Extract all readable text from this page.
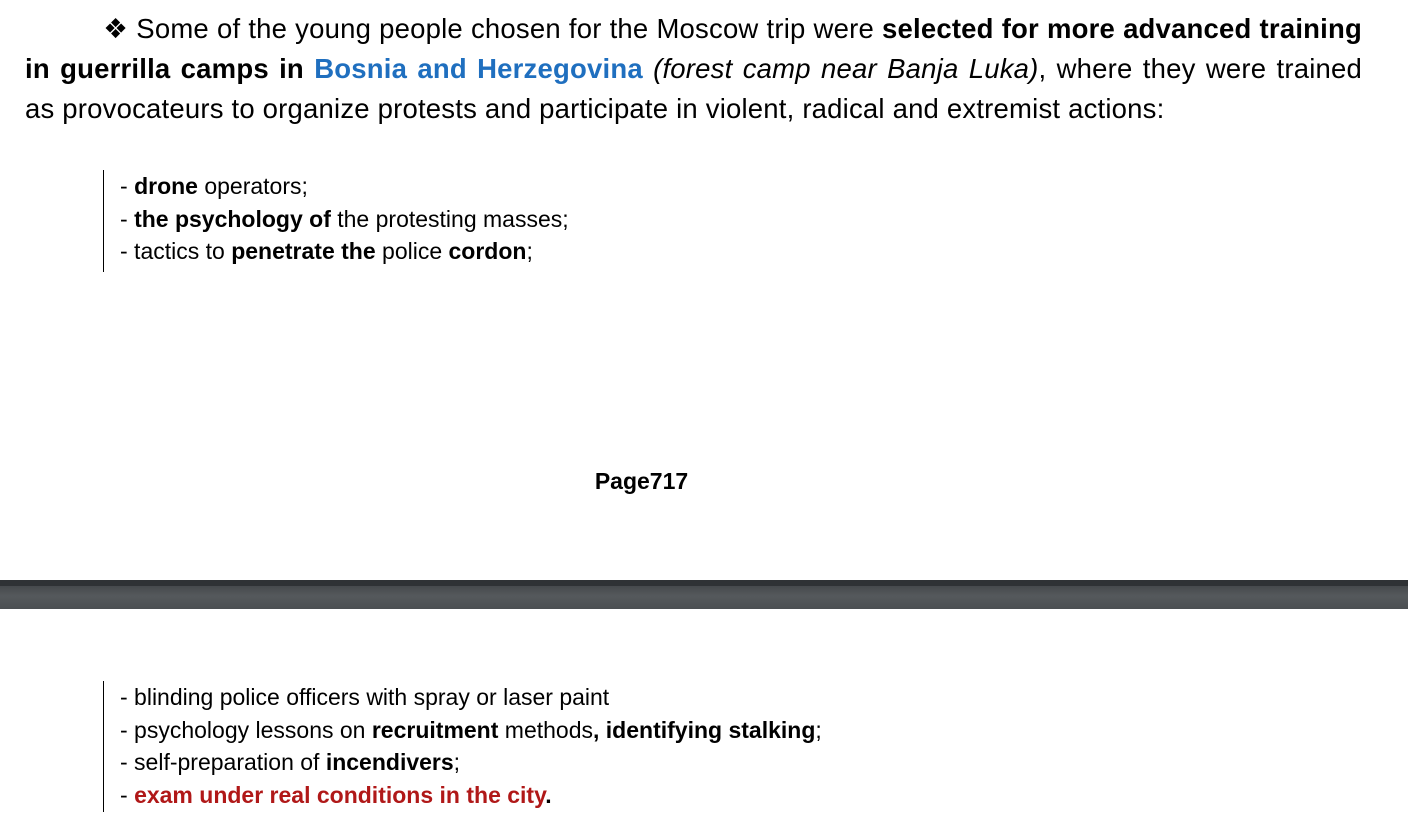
❖ Some of the young people chosen for the Moscow trip were selected for more advanced training in guerrilla camps in Bosnia and Herzegovina (forest camp near Banja Luka), where they were trained as provocateurs to organize protests and participate in violent, radical and extremist actions:

- drone operators;
- the psychology of the protesting masses;
- tactics to penetrate the police cordon;
Page717
- blinding police officers with spray or laser paint
- psychology lessons on recruitment methods, identifying stalking;
- self-preparation of incendivers;
- exam under real conditions in the city.
